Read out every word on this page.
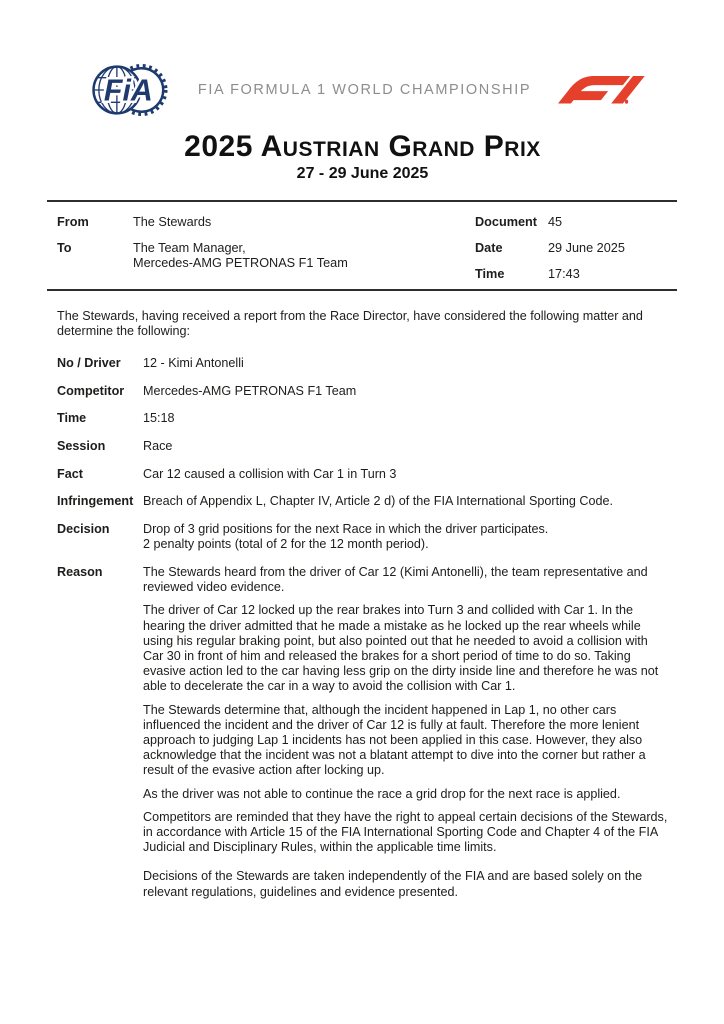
FiA	FIA FORMULA 1 WORLD CHAMPIONSHIP
2025 Austrian Grand Prix
27 - 29 June 2025
From	The Stewards
To	The Team Manager,
Mercedes-AMG PETRONAS F1 Team
Document 45
Date	29 June 2025
Time	17:43

The Stewards, having received a report from the Race Director, have considered the following matter and determine the following:

No / Driver	12 - Kimi Antonelli
Competitor	Mercedes-AMG PETRONAS F1 Team
Time	15:18
Session	Race
Fact	Car 12 caused a collision with Car 1 in Turn 3
Infringement Breach of Appendix L, Chapter IV, Article 2 d) of the FIA International Sporting Code.
Decision	Drop of 3 grid positions for the next Race in which the driver participates.
2 penalty points (total of 2 for the 12 month period).
Reason	The Stewards heard from the driver of Car 12 (Kimi Antonelli), the team representative and reviewed video evidence.

The driver of Car 12 locked up the rear brakes into Turn 3 and collided with Car 1. In the hearing the driver admitted that he made a mistake as he locked up the rear wheels while using his regular braking point, but also pointed out that he needed to avoid a collision with Car 30 in front of him and released the brakes for a short period of time to do so. Taking evasive action led to the car having less grip on the dirty inside line and therefore he was not able to decelerate the car in a way to avoid the collision with Car 1.

The Stewards determine that, although the incident happened in Lap 1, no other cars influenced the incident and the driver of Car 12 is fully at fault. Therefore the more lenient approach to judging Lap 1 incidents has not been applied in this case. However, they also acknowledge that the incident was not a blatant attempt to dive into the corner but rather a result of the evasive action after locking up.

As the driver was not able to continue the race a grid drop for the next race is applied.

Competitors are reminded that they have the right to appeal certain decisions of the Stewards, in accordance with Article 15 of the FIA International Sporting Code and Chapter 4 of the FIA Judicial and Disciplinary Rules, within the applicable time limits.

Decisions of the Stewards are taken independently of the FIA and are based solely on the relevant regulations, guidelines and evidence presented.
